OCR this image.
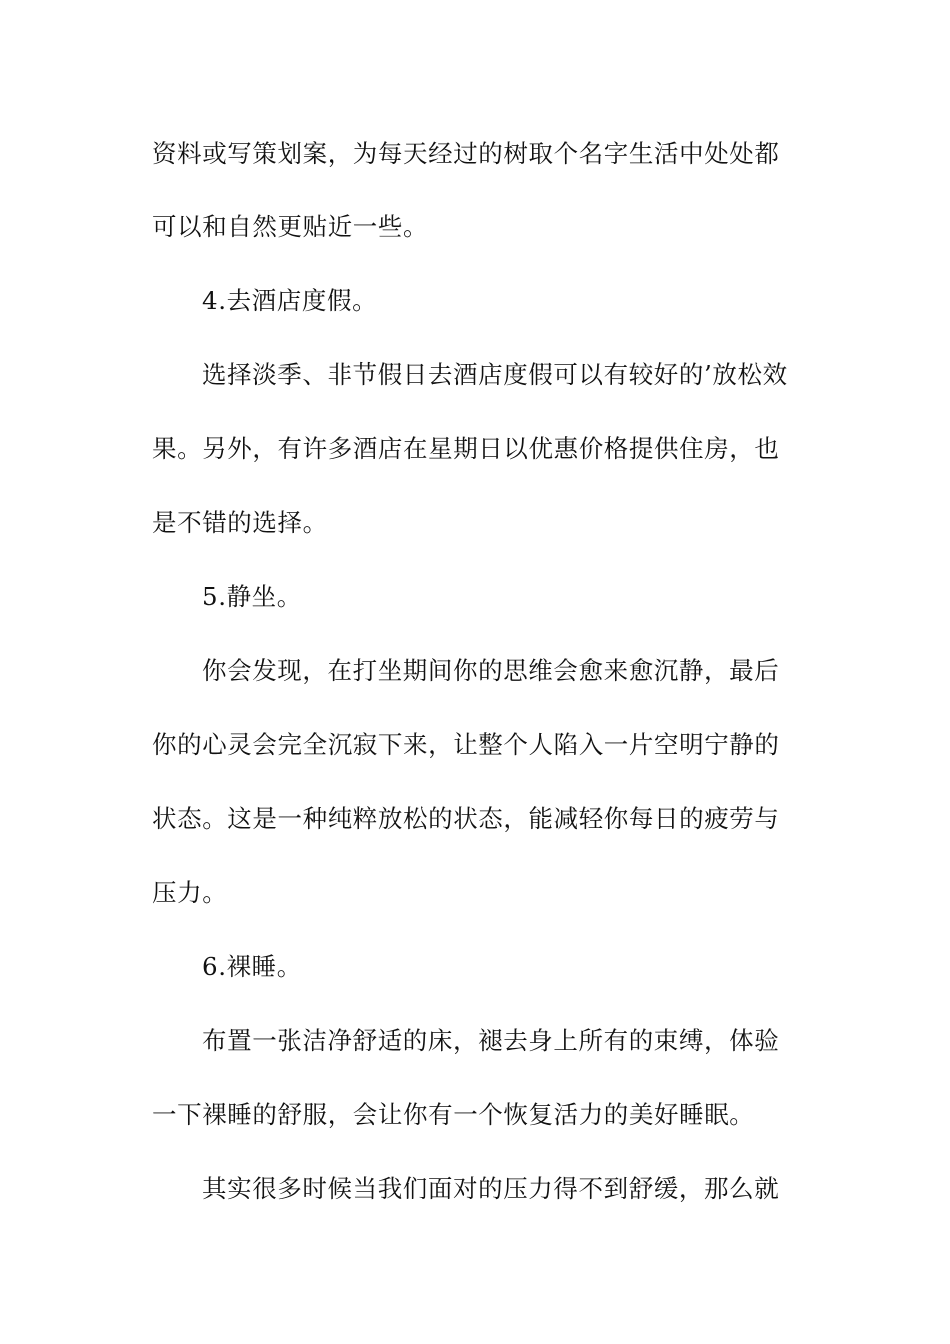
资料或写策划案，为每天经过的树取个名字生活中处处都
可以和自然更贴近一些。
4.去酒店度假。
选择淡季、非节假日去酒店度假可以有较好的’放松效
果。另外，有许多酒店在星期日以优惠价格提供住房，也
是不错的选择。
5.静坐。
你会发现，在打坐期间你的思维会愈来愈沉静，最后
你的心灵会完全沉寂下来，让整个人陷入一片空明宁静的
状态。这是一种纯粹放松的状态，能减轻你每日的疲劳与
压力。
6.裸睡。
布置一张洁净舒适的床，褪去身上所有的束缚，体验
一下裸睡的舒服，会让你有一个恢复活力的美好睡眠。
其实很多时候当我们面对的压力得不到舒缓，那么就
